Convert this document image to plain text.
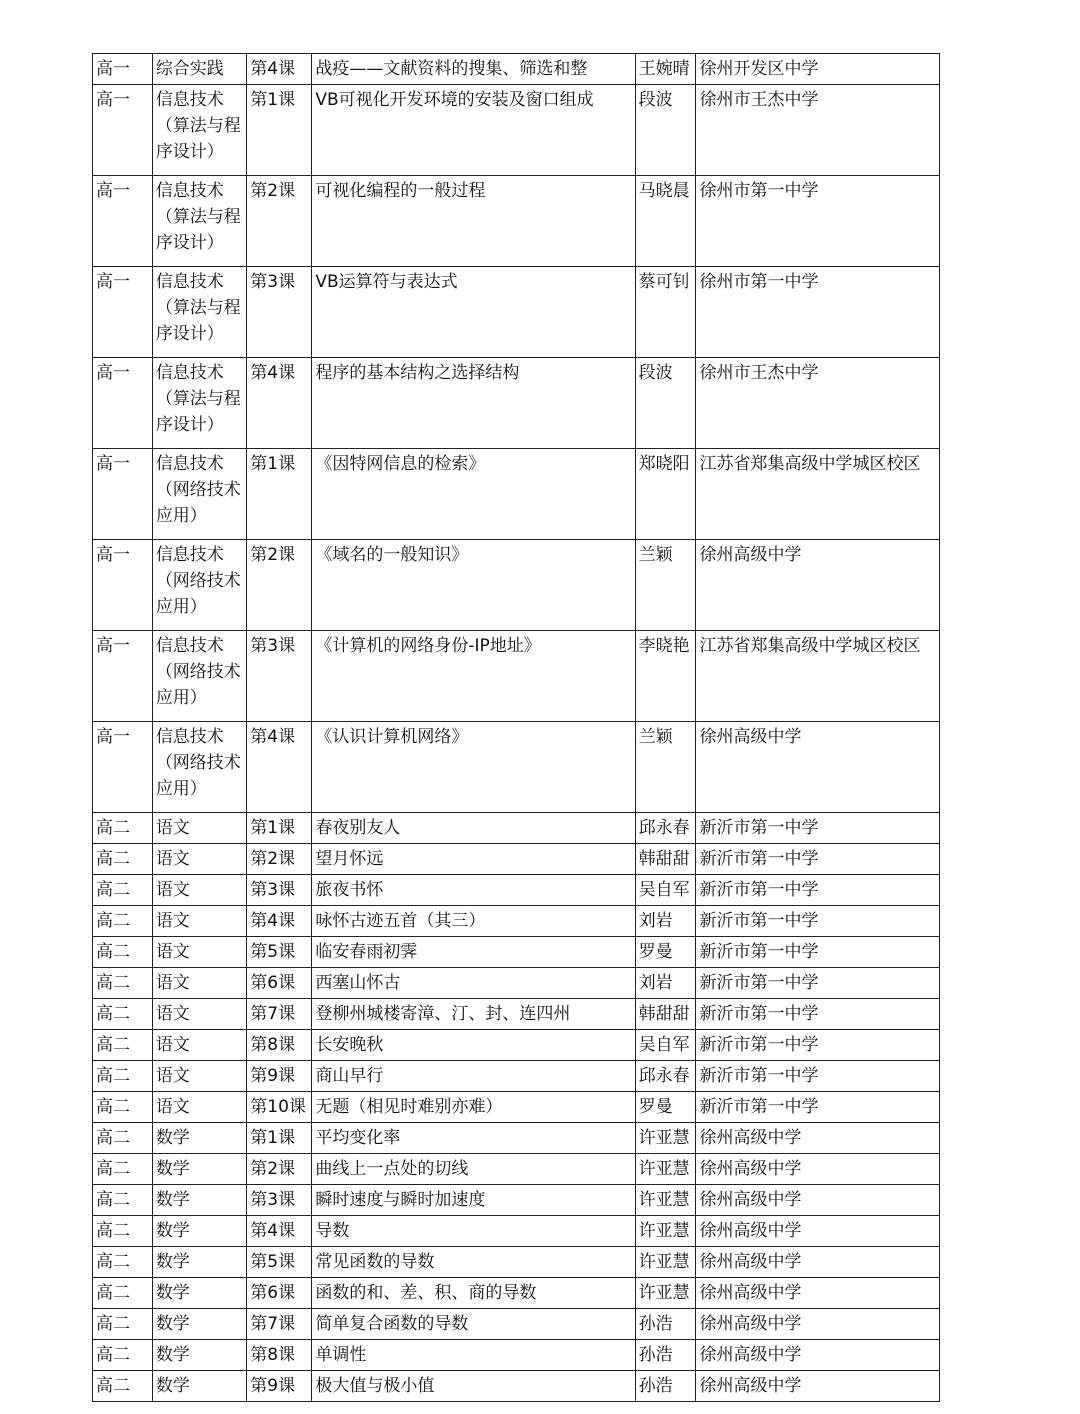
高一	综合实践	第4课	战疫——文献资料的搜集、筛选和整	王婉晴	徐州开发区中学

高一	信息技术（算法与程序设计）	第1课	VB可视化开发环境的安装及窗口组成	段波	徐州市王杰中学

高一	信息技术（算法与程序设计）	第2课	可视化编程的一般过程	马晓晨	徐州市第一中学

高一	信息技术（算法与程序设计）	第3课	VB运算符与表达式	蔡可钊	徐州市第一中学

高一	信息技术（算法与程序设计）	第4课	程序的基本结构之选择结构	段波	徐州市王杰中学

高一	信息技术（网络技术应用）	第1课	《因特网信息的检索》	郑晓阳	江苏省郑集高级中学城区校区

高一	信息技术（网络技术应用）	第2课	《域名的一般知识》	兰颖	徐州高级中学

高一	信息技术（网络技术应用）	第3课	《计算机的网络身份-IP地址》	李晓艳	江苏省郑集高级中学城区校区

高一	信息技术（网络技术应用）	第4课	《认识计算机网络》	兰颖	徐州高级中学

高二	语文	第1课	春夜别友人	邱永春	新沂市第一中学

高二	语文	第2课	望月怀远	韩甜甜	新沂市第一中学

高二	语文	第3课	旅夜书怀	吴自军	新沂市第一中学

高二	语文	第4课	咏怀古迹五首（其三）	刘岩	新沂市第一中学

高二	语文	第5课	临安春雨初霁	罗曼	新沂市第一中学

高二	语文	第6课	西塞山怀古	刘岩	新沂市第一中学

高二	语文	第7课	登柳州城楼寄漳、汀、封、连四州	韩甜甜	新沂市第一中学

高二	语文	第8课	长安晚秋	吴自军	新沂市第一中学

高二	语文	第9课	商山早行	邱永春	新沂市第一中学

高二	语文	第10课	无题（相见时难别亦难）	罗曼	新沂市第一中学

高二	数学	第1课	平均变化率	许亚慧	徐州高级中学

高二	数学	第2课	曲线上一点处的切线	许亚慧	徐州高级中学

高二	数学	第3课	瞬时速度与瞬时加速度	许亚慧	徐州高级中学

高二	数学	第4课	导数	许亚慧	徐州高级中学

高二	数学	第5课	常见函数的导数	许亚慧	徐州高级中学

高二	数学	第6课	函数的和、差、积、商的导数	许亚慧	徐州高级中学

高二	数学	第7课	简单复合函数的导数	孙浩	徐州高级中学

高二	数学	第8课	单调性	孙浩	徐州高级中学

高二	数学	第9课	极大值与极小值	孙浩	徐州高级中学
